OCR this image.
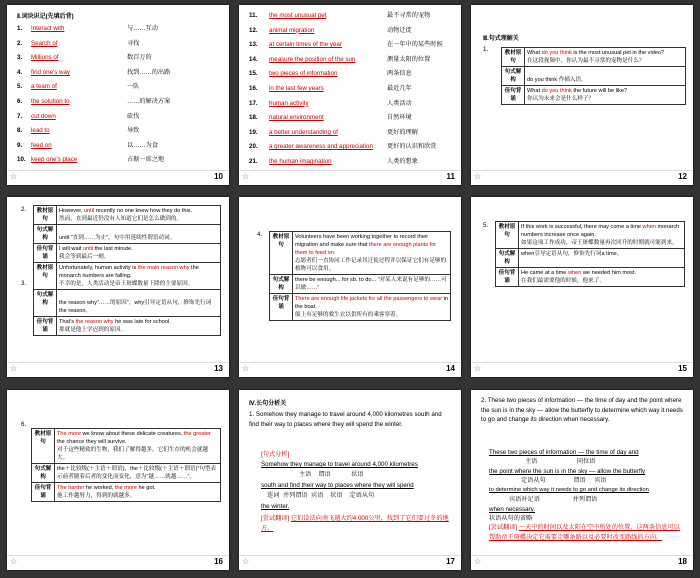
Ⅱ.词块识记(先填后背)
1. Interact with	与……互动
2. Search of	寻找
3. Millions of	数百万的
4. find one's way	找到……的出路
5. a team of	一队
6. the solution to	……的解决方案
7. cut down	砍伐
8. lead to	导致
9. feed on	以……为食
10. keep one's place	占据一席之地
☆	10
11. the most unusual pet	最不寻常的宠物
12. animal migration	动物迁徙
13. at certain times of the year	在一年中的某些时候
14. measure the position of the sun	测量太阳的位置
15. two pieces of information	两条信息
16. in the last few years	最近几年
17. human activity	人类活动
18. natural environment	自然环境
19. a better understanding of	更好的理解
20. a greater awareness and appreciation 更好的认识和欣赏
21. the human imagination	人类的想象
☆	11
Ⅲ.句式理解关
1.	教材原句	What do you think is the most unusual pet in the video?
在这段视频中，你认为最不寻常的宠物是什么？
句式解构	do you think 作插入语。
佳句背诵	What do you think the future will be like?
你认为未来会是什么样子？
☆	12
2.
3.
教材原句	However, until recently no one knew how they do this.
然而，直到最近仍没有人知道它们是怎么做到的。
句式解构	until “直到……为止”，句中用延续性谓语动词。
佳句背诵	I will wait until the last minute.
我会等到最后一刻。
教材原句	Unfortunately, human activity is the main reason why the monarch numbers are falling.
不幸的是，人类活动是帝王斑蝶数量下降的主要原因。
句式解构	the reason why“……的原因”，why引导定语从句，修饰先行词the reason。
佳句背诵	That's the reason why he was late for school.
那就是他上学迟到的原因。
☆	13
4. 教材原句	Volunteers have been working together to record their migration and make sure that there are enough plants for them to feed on.
志愿者们一直协同工作记录其迁徙过程并以保证它们有足够的植物可以食用。
句式解构	there be enough... for sb. to do... “对某人来说有足够的……可以做……”
佳句背诵	There are enough life jackets for all the passengers to wear in the boat.
船上有足够的救生衣以供所有的乘客穿着。
☆	14
5. 教材原句	If this work is successful, there may come a time when monarch numbers increase once again.
如果这项工作成功，帝王斑蝶数量再次回升的时期就可能到来。
句式解构	when引导定语从句，修饰先行词a time。
佳句背诵	He came at a time when we needed him most.
在我们最需要他的时候，他来了。
☆	15
6.
教材原句	The more we know about these delicate creatures, the greater the chance they will survive.
对于这些精致的生物，我们了解得越多，它们生存的机会就越大。
句式解构	the＋比较级(＋主语＋谓语)，the＋比较级(＋主语＋谓语)”句型表示前者随着后者的变化而变化，意为“越……就越……”。
佳句背诵	The harder he worked, the more he got.
他工作越努力，得到的就越多。
☆	16
Ⅳ.长句分析关
1. Somehow they manage to travel around 4,000 kilometres south and find their way to places where they will spend the winter.
[句式分析]
Somehow they manage to travel around 4,000 kilometres
主语    谓语            状语
south and find their way to places where they will spend
连词  并列谓语  宾语    状语    定语从句
the winter.
[尝试翻译] 它们设法向南飞越大约4 000公里，找到了它们要过冬的地方。
☆	17
2. These two pieces of information — the time of day and the point where the sun is in the sky — allow the butterfly to determine which way it needs to go and change its direction when necessary.
These two pieces of information — the time of day and
主语                       同位语
the point where the sun is in the sky — allow the butterfly
定语从句                谓语     宾语
to determine which way it needs to go and change its direction
宾语补足语                   并列谓语
when necessary.
状语从句的省略
[尝试翻译] 一天中的时间以及太阳在空中所处的位置，这两条信息可以帮助帝王斑蝶决定它需要走哪条路以及必要时改变路线的方向。
☆	18
